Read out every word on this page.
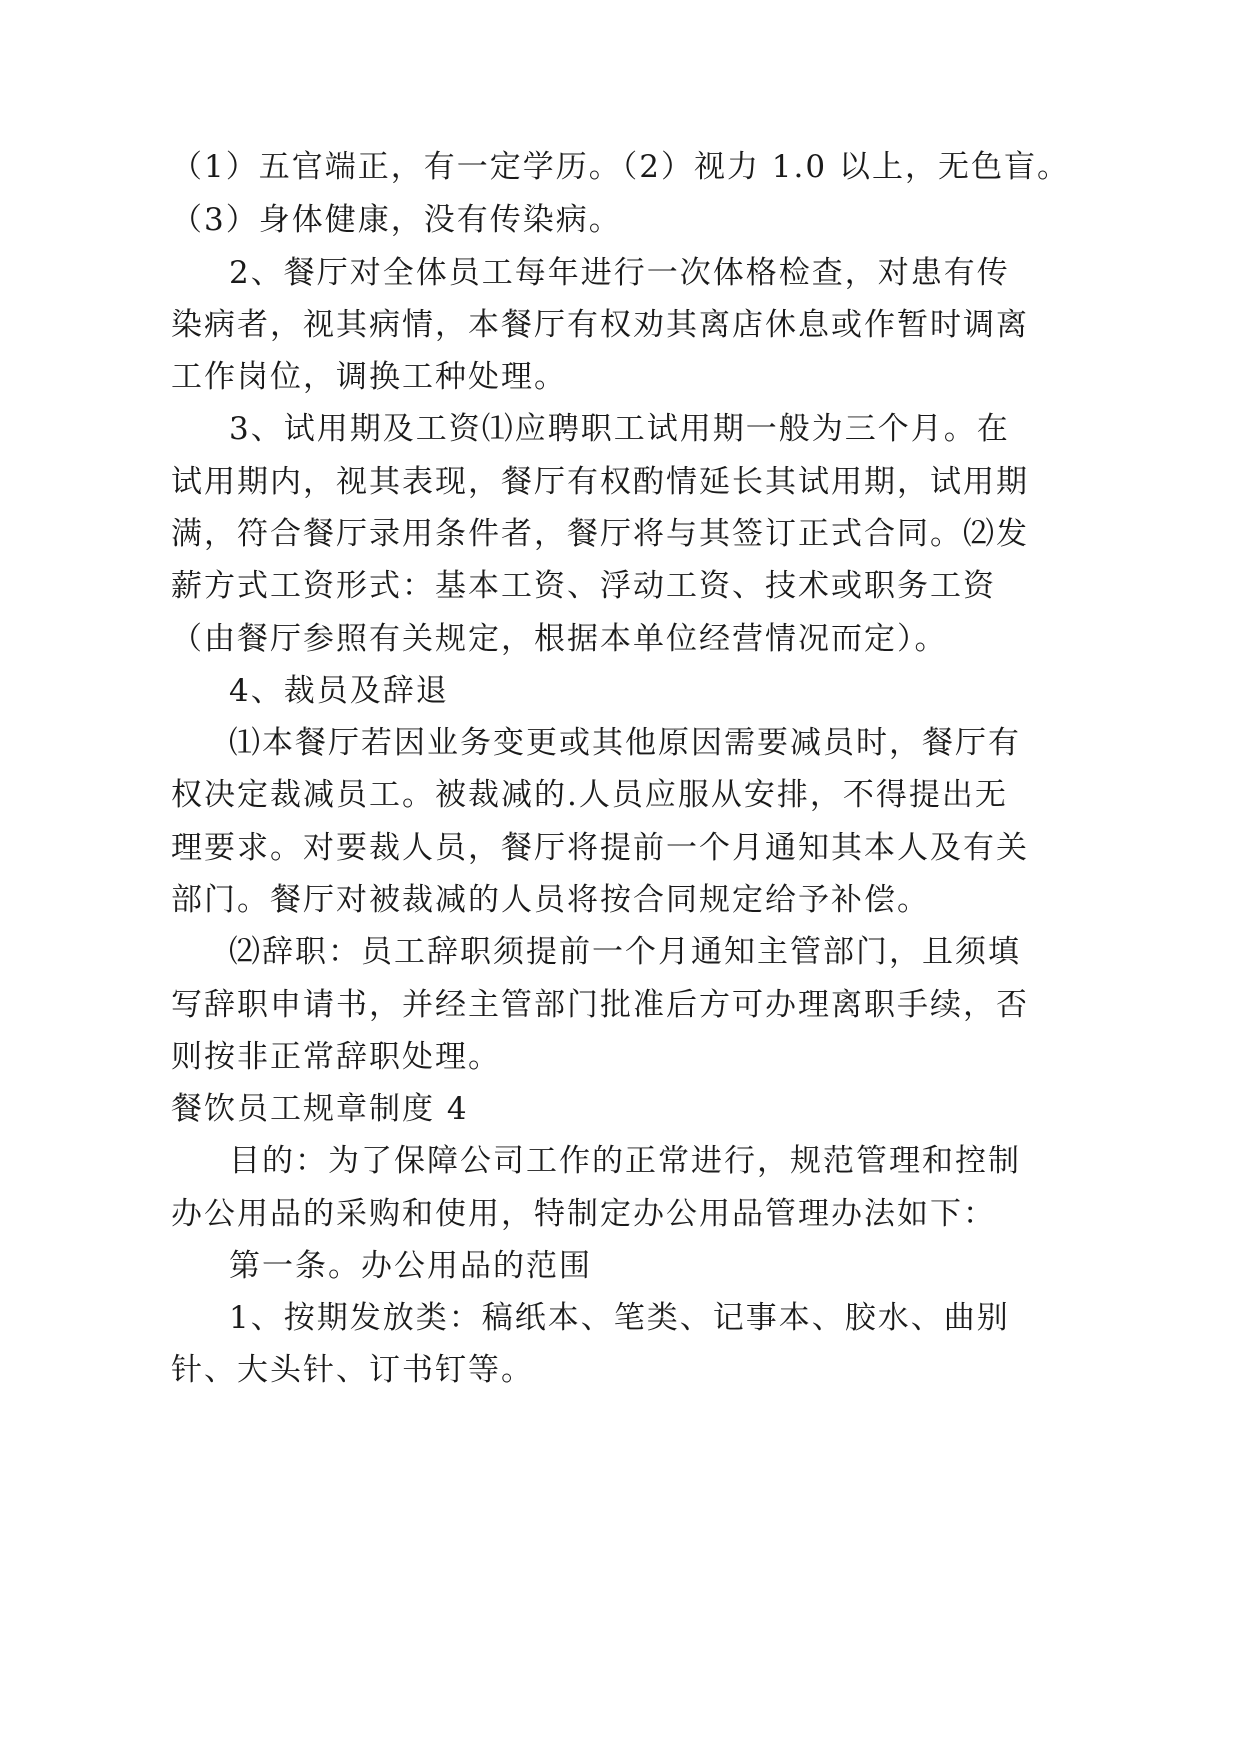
（1）五官端正，有一定学历。（2）视力 1.0 以上，无色盲。
（3）身体健康，没有传染病。
2、餐厅对全体员工每年进行一次体格检查，对患有传
染病者，视其病情，本餐厅有权劝其离店休息或作暂时调离
工作岗位，调换工种处理。
3、试用期及工资⑴应聘职工试用期一般为三个月。在
试用期内，视其表现，餐厅有权酌情延长其试用期，试用期
满，符合餐厅录用条件者，餐厅将与其签订正式合同。⑵发
薪方式工资形式：基本工资、浮动工资、技术或职务工资
（由餐厅参照有关规定，根据本单位经营情况而定）。
4、裁员及辞退
⑴本餐厅若因业务变更或其他原因需要减员时，餐厅有
权决定裁减员工。被裁减的.人员应服从安排，不得提出无
理要求。对要裁人员，餐厅将提前一个月通知其本人及有关
部门。餐厅对被裁减的人员将按合同规定给予补偿。
⑵辞职：员工辞职须提前一个月通知主管部门，且须填
写辞职申请书，并经主管部门批准后方可办理离职手续，否
则按非正常辞职处理。
餐饮员工规章制度 4
目的：为了保障公司工作的正常进行，规范管理和控制
办公用品的采购和使用，特制定办公用品管理办法如下：
第一条。办公用品的范围
1、按期发放类：稿纸本、笔类、记事本、胶水、曲别
针、大头针、订书钉等。
